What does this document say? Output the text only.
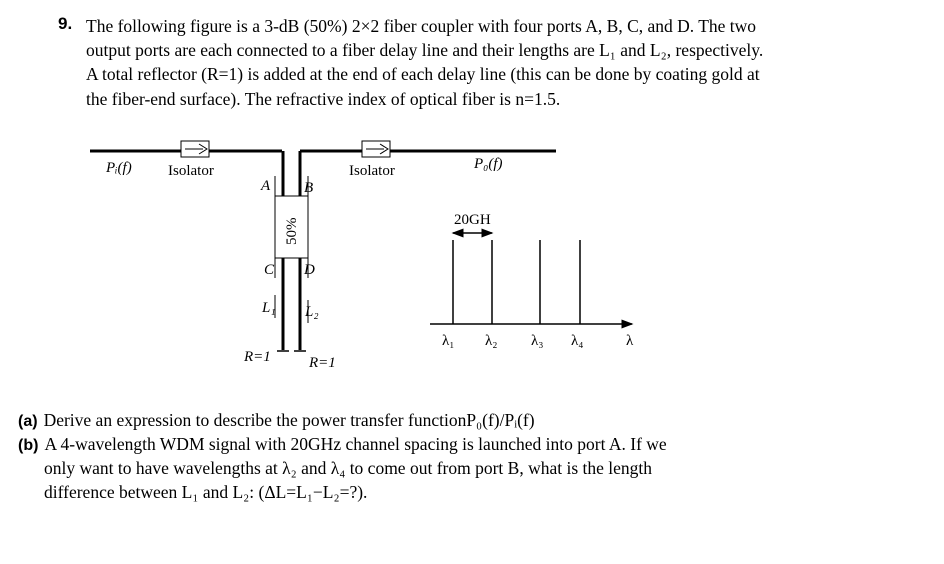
9. The following figure is a 3-dB (50%) 2×2 fiber coupler with four ports A, B, C, and D. The two
output ports are each connected to a fiber delay line and their lengths are L₁ and L₂, respectively.
A total reflector (R=1) is added at the end of each delay line (this can be done by coating gold at
the fiber-end surface). The refractive index of optical fiber is n=1.5.
Pᵢ(f) Isolator	Isolator	P₀(f)
50%
A B
C D
L₁ L₂
R=1	R=1
20GH
λ₁ λ₂ λ₃ λ₄	λ
(a) Derive an expression to describe the power transfer functionP₀(f)/Pᵢ(f)
(b) A 4-wavelength WDM signal with 20GHz channel spacing is launched into port A. If we
only want to have wavelengths at λ₂ and λ₄ to come out from port B, what is the length
difference between L₁ and L₂: (ΔL=L₁−L₂=?).
